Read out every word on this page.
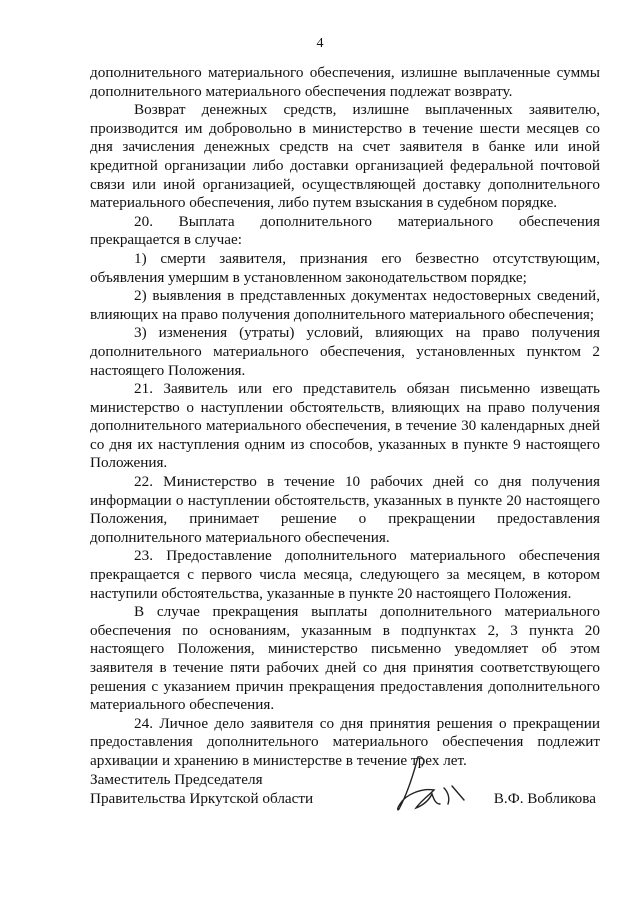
4

дополнительного материального обеспечения, излишне выплаченные суммы дополнительного материального обеспечения подлежат возврату.

Возврат денежных средств, излишне выплаченных заявителю, производится им добровольно в министерство в течение шести месяцев со дня зачисления денежных средств на счет заявителя в банке или иной кредитной организации либо доставки организацией федеральной почтовой связи или иной организацией, осуществляющей доставку дополнительного материального обеспечения, либо путем взыскания в судебном порядке.

20. Выплата дополнительного материального обеспечения прекращается в случае:

1) смерти заявителя, признания его безвестно отсутствующим, объявления умершим в установленном законодательством порядке;

2) выявления в представленных документах недостоверных сведений, влияющих на право получения дополнительного материального обеспечения;

3) изменения (утраты) условий, влияющих на право получения дополнительного материального обеспечения, установленных пунктом 2 настоящего Положения.

21. Заявитель или его представитель обязан письменно извещать министерство о наступлении обстоятельств, влияющих на право получения дополнительного материального обеспечения, в течение 30 календарных дней со дня их наступления одним из способов, указанных в пункте 9 настоящего Положения.

22. Министерство в течение 10 рабочих дней со дня получения информации о наступлении обстоятельств, указанных в пункте 20 настоящего Положения, принимает решение о прекращении предоставления дополнительного материального обеспечения.

23. Предоставление дополнительного материального обеспечения прекращается с первого числа месяца, следующего за месяцем, в котором наступили обстоятельства, указанные в пункте 20 настоящего Положения.

В случае прекращения выплаты дополнительного материального обеспечения по основаниям, указанным в подпунктах 2, 3 пункта 20 настоящего Положения, министерство письменно уведомляет об этом заявителя в течение пяти рабочих дней со дня принятия соответствующего решения с указанием причин прекращения предоставления дополнительного материального обеспечения.

24. Личное дело заявителя со дня принятия решения о прекращении предоставления дополнительного материального обеспечения подлежит архивации и хранению в министерстве в течение трех лет.

Заместитель Председателя
Правительства Иркутской области	В.Ф. Вобликова
